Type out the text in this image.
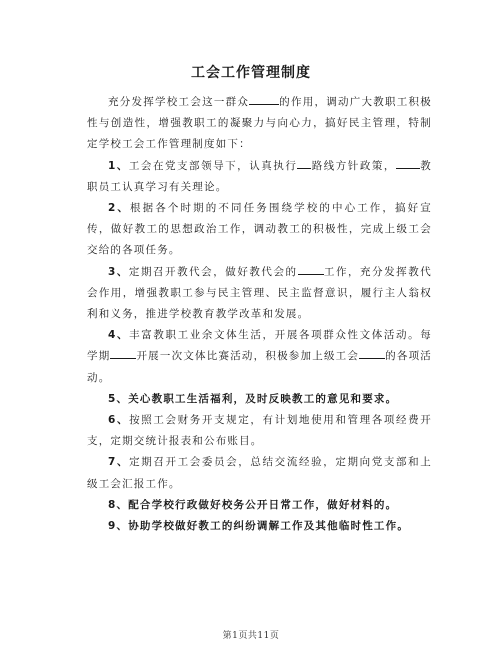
工会工作管理制度

充分发挥学校工会这一群众	的作用，调动广大教职工积极性与创造性，增强教职工的凝聚力与向心力，搞好民主管理，特制定学校工会工作管理制度如下：

1、工会在党支部领导下，认真执行 路线方针政策， 教职员工认真学习有关理论。

2、根据各个时期的不同任务围绕学校的中心工作，搞好宣传，做好教工的思想政治工作，调动教工的积极性，完成上级工会交给的各项任务。

3、定期召开教代会，做好教代会的 工作，充分发挥教代会作用，增强教职工参与民主管理、民主监督意识，履行主人翁权利和义务，推进学校教育教学改革和发展。

4、丰富教职工业余文体生活，开展各项群众性文体活动。每学期 开展一次文体比赛活动，积极参加上级工会 的各项活动。

5、关心教职工生活福利，及时反映教工的意见和要求。

6、按照工会财务开支规定，有计划地使用和管理各项经费开支，定期交统计报表和公布账目。

7、定期召开工会委员会，总结交流经验，定期向党支部和上级工会汇报工作。

8、配合学校行政做好校务公开日常工作，做好材料的。

9、协助学校做好教工的纠纷调解工作及其他临时性工作。

第1页共11页
